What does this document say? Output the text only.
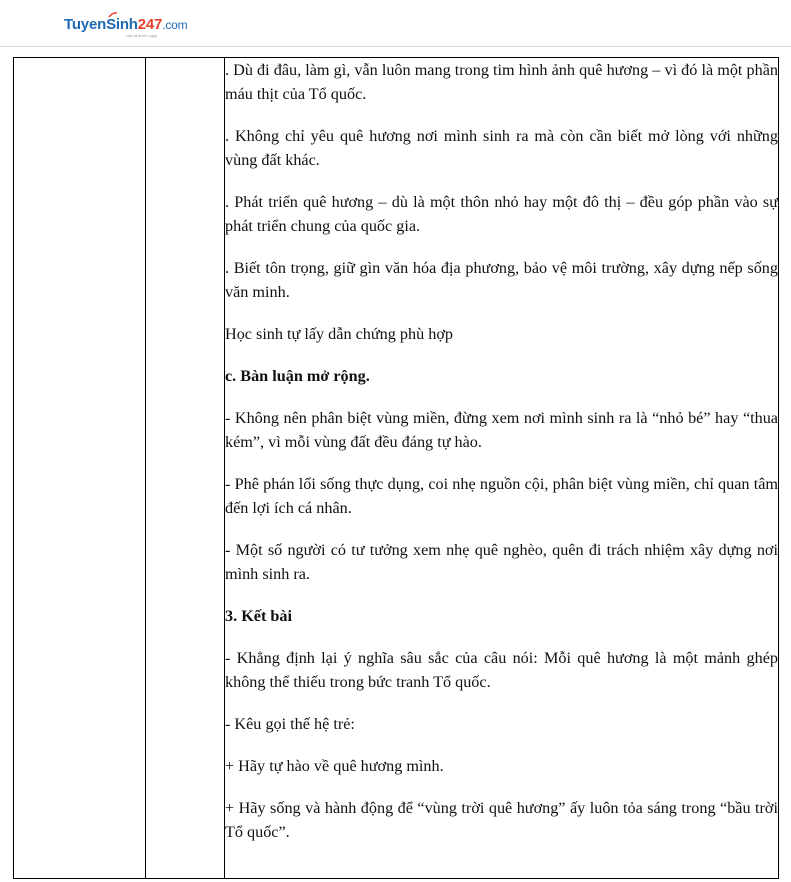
TuyenSinh247.com
Học là thích ngay

. Dù đi đâu, làm gì, vẫn luôn mang trong tim hình ảnh quê hương – vì đó là một phần máu thịt của Tổ quốc.

. Không chỉ yêu quê hương nơi mình sinh ra mà còn cần biết mở lòng với những vùng đất khác.

. Phát triển quê hương – dù là một thôn nhỏ hay một đô thị – đều góp phần vào sự phát triển chung của quốc gia.

. Biết tôn trọng, giữ gìn văn hóa địa phương, bảo vệ môi trường, xây dựng nếp sống văn minh.

Học sinh tự lấy dẫn chứng phù hợp

c. Bàn luận mở rộng.

- Không nên phân biệt vùng miền, đừng xem nơi mình sinh ra là “nhỏ bé” hay “thua kém”, vì mỗi vùng đất đều đáng tự hào.

- Phê phán lối sống thực dụng, coi nhẹ nguồn cội, phân biệt vùng miền, chỉ quan tâm đến lợi ích cá nhân.

- Một số người có tư tưởng xem nhẹ quê nghèo, quên đi trách nhiệm xây dựng nơi mình sinh ra.

3. Kết bài

- Khẳng định lại ý nghĩa sâu sắc của câu nói: Mỗi quê hương là một mảnh ghép không thể thiếu trong bức tranh Tổ quốc.

- Kêu gọi thế hệ trẻ:

+ Hãy tự hào về quê hương mình.

+ Hãy sống và hành động để “vùng trời quê hương” ấy luôn tỏa sáng trong “bầu trời Tổ quốc”.
